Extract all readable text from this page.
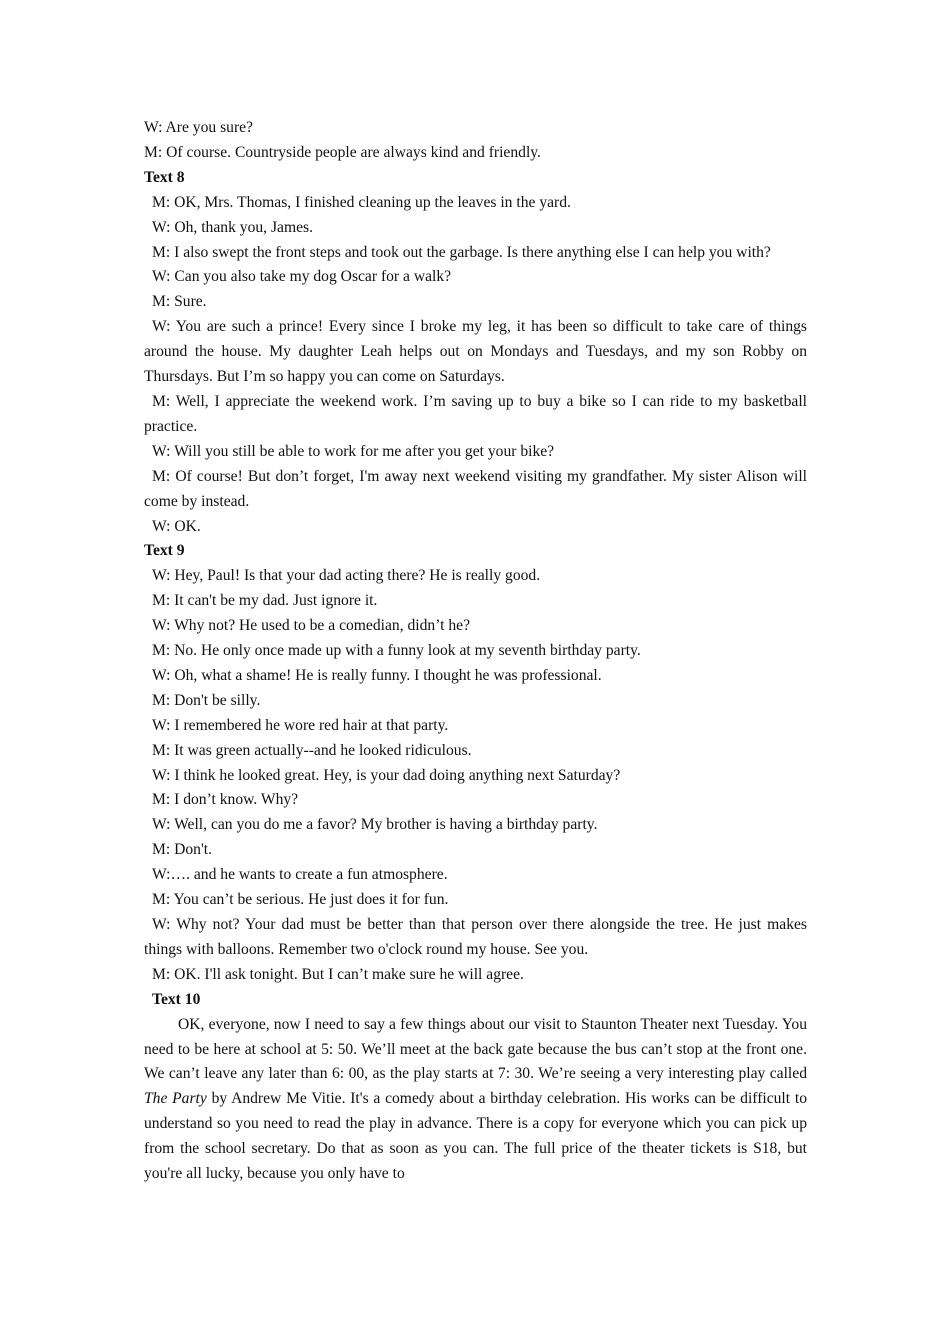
W: Are you sure?

M: Of course. Countryside people are always kind and friendly.

Text 8

M: OK, Mrs. Thomas, I finished cleaning up the leaves in the yard.

W: Oh, thank you, James.

M: I also swept the front steps and took out the garbage. Is there anything else I can help you with?

W: Can you also take my dog Oscar for a walk?

M: Sure.

W: You are such a prince! Every since I broke my leg, it has been so difficult to take care of things around the house. My daughter Leah helps out on Mondays and Tuesdays, and my son Robby on Thursdays. But I’m so happy you can come on Saturdays.

M: Well, I appreciate the weekend work. I’m saving up to buy a bike so I can ride to my basketball practice.

W: Will you still be able to work for me after you get your bike?

M: Of course! But don’t forget, I'm away next weekend visiting my grandfather. My sister Alison will come by instead.

W: OK.

Text 9

W: Hey, Paul! Is that your dad acting there? He is really good.

M: It can't be my dad. Just ignore it.

W: Why not? He used to be a comedian, didn’t he?

M: No. He only once made up with a funny look at my seventh birthday party.

W: Oh, what a shame! He is really funny. I thought he was professional.

M: Don't be silly.

W: I remembered he wore red hair at that party.

M: It was green actually--and he looked ridiculous.

W: I think he looked great. Hey, is your dad doing anything next Saturday?

M: I don’t know. Why?

W: Well, can you do me a favor? My brother is having a birthday party.

M: Don't.

W:…. and he wants to create a fun atmosphere.

M: You can’t be serious. He just does it for fun.

W: Why not? Your dad must be better than that person over there alongside the tree. He just makes things with balloons. Remember two o'clock round my house. See you.

M: OK. I'll ask tonight. But I can’t make sure he will agree.

Text 10

OK, everyone, now I need to say a few things about our visit to Staunton Theater next Tuesday. You need to be here at school at 5: 50. We’ll meet at the back gate because the bus can’t stop at the front one. We can’t leave any later than 6: 00, as the play starts at 7: 30. We’re seeing a very interesting play called The Party by Andrew Me Vitie. It's a comedy about a birthday celebration. His works can be difficult to understand so you need to read the play in advance. There is a copy for everyone which you can pick up from the school secretary. Do that as soon as you can. The full price of the theater tickets is S18, but you're all lucky, because you only have to
